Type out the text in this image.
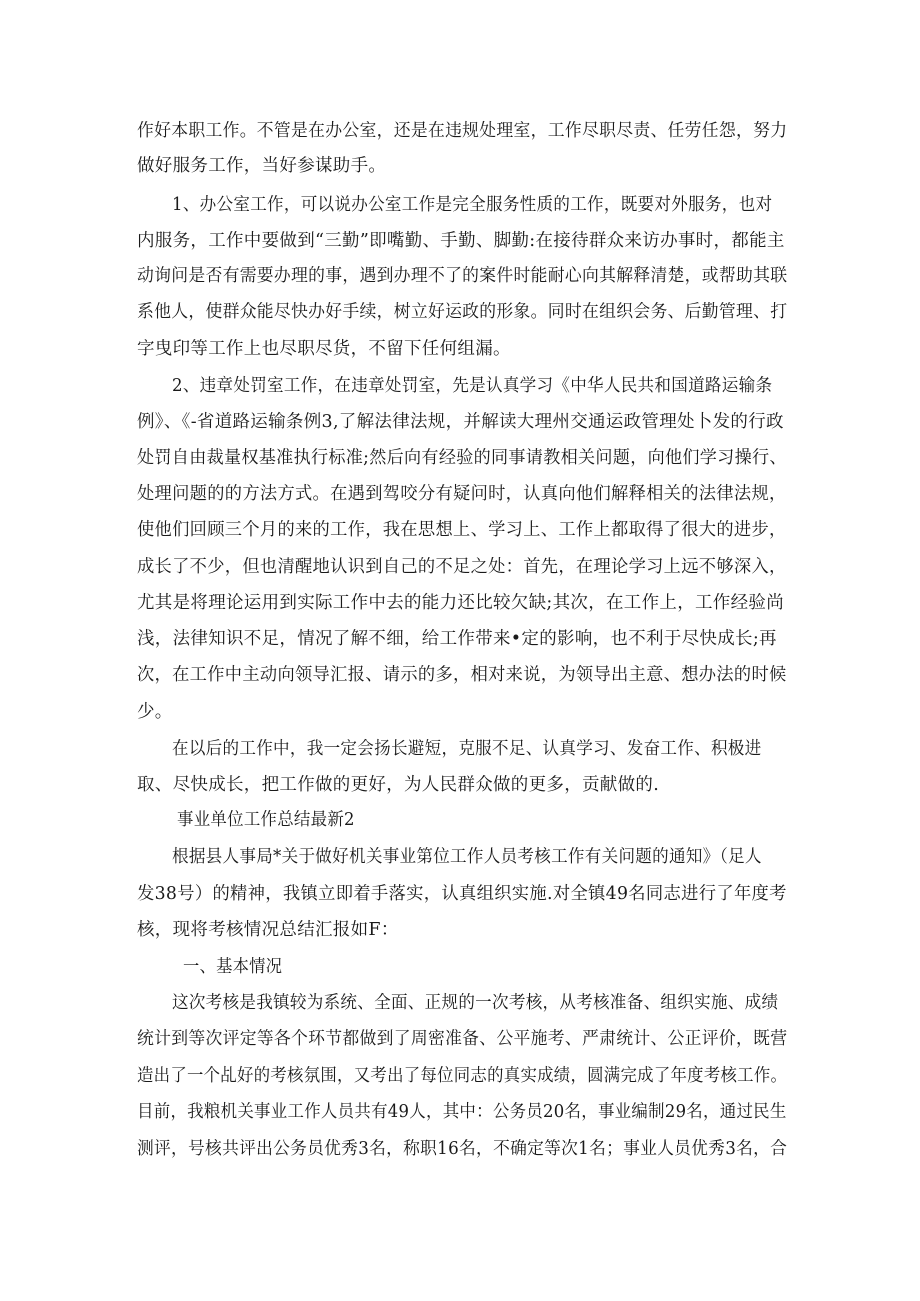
作好本职工作。不管是在办公室，还是在违规处理室，工作尽职尽责、任劳任怨，努力
做好服务工作，当好参谋助手。
1、办公室工作，可以说办公室工作是完全服务性质的工作，既要对外服务，也对
内服务，工作中要做到“三勤”即嘴勤、手勤、脚勤:在接待群众来访办事时，都能主
动询问是否有需要办理的事，遇到办理不了的案件时能耐心向其解释清楚，或帮助其联
系他人，使群众能尽快办好手续，树立好运政的形象。同时在组织会务、后勤管理、打
字曳印等工作上也尽职尽货，不留下任何组漏。
2、违章处罚室工作，在违章处罚室，先是认真学习《中华人民共和国道路运输条
例》、《-省道路运输条例3,了解法律法规，并解读大理州交通运政管理处卜发的行政
处罚自由裁量权基准执行标准;然后向有经验的同事请教相关问题，向他们学习操行、
处理问题的的方法方式。在遇到驾咬分有疑问时，认真向他们解释相关的法律法规，
使他们回顾三个月的来的工作，我在思想上、学习上、工作上都取得了很大的进步，
成长了不少，但也清醒地认识到自己的不足之处：首先，在理论学习上远不够深入，
尤其是将理论运用到实际工作中去的能力还比较欠缺;其次，在工作上，工作经验尚
浅，法律知识不足，情况了解不细，给工作带来•定的影响，也不利于尽快成长;再
次，在工作中主动向领导汇报、请示的多，相对来说，为领导出主意、想办法的时候
少。
在以后的工作中，我一定会扬长避短，克服不足、认真学习、发奋工作、积极进
取、尽快成长，把工作做的更好，为人民群众做的更多，贡献做的.
事业单位工作总结最新2
根据县人事局*关于做好机关事业第位工作人员考核工作有关问题的通知》（足人
发38号）的精神，我镇立即着手落实，认真组织实施.对全镇49名同志进行了年度考
核，现将考核情况总结汇报如F：
一、基本情况
这次考核是我镇较为系统、全面、正规的一次考核，从考核准备、组织实施、成绩
统计到等次评定等各个环节都做到了周密准备、公平施考、严肃统计、公正评价，既营
造出了一个乩好的考核氛围，又考出了每位同志的真实成绩，圆满完成了年度考核工作。
目前，我粮机关事业工作人员共有49人，其中：公务员20名，事业编制29名，通过民生
测评，号核共评出公务员优秀3名，称职16名，不确定等次1名；事业人员优秀3名，合
